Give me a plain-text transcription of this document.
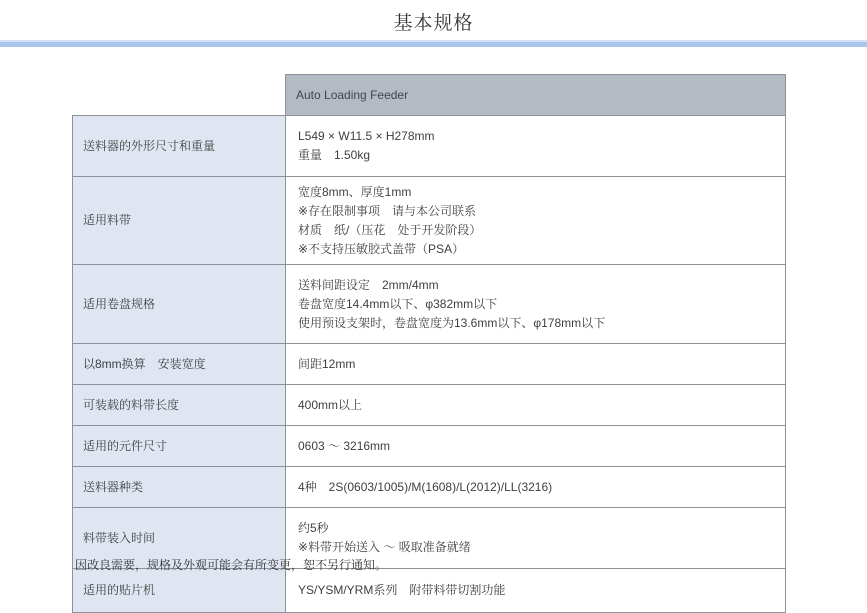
基本规格
	Auto Loading Feeder
送料器的外形尺寸和重量	L549 × W11.5 × H278mm
重量　1.50kg

适用料带	宽度8mm、厚度1mm
※存在限制事项　请与本公司联系
材质　纸/（压花　处于开发阶段）
※不支持压敏胶式盖带（PSA）

适用卷盘规格	送料间距设定　2mm/4mm
卷盘宽度14.4mm以下、φ382mm以下
使用预设支架时，卷盘宽度为13.6mm以下、φ178mm以下

以8mm换算　安装宽度	间距12mm

可装载的料带长度	400mm以上

适用的元件尺寸	0603 ～ 3216mm

送料器种类	4种　2S(0603/1005)/M(1608)/L(2012)/LL(3216)

料带装入时间	约5秒
※料带开始送入 ～ 吸取准备就绪

适用的贴片机	YS/YSM/YRM系列　附带料带切割功能
因改良需要，规格及外观可能会有所变更，恕不另行通知。
